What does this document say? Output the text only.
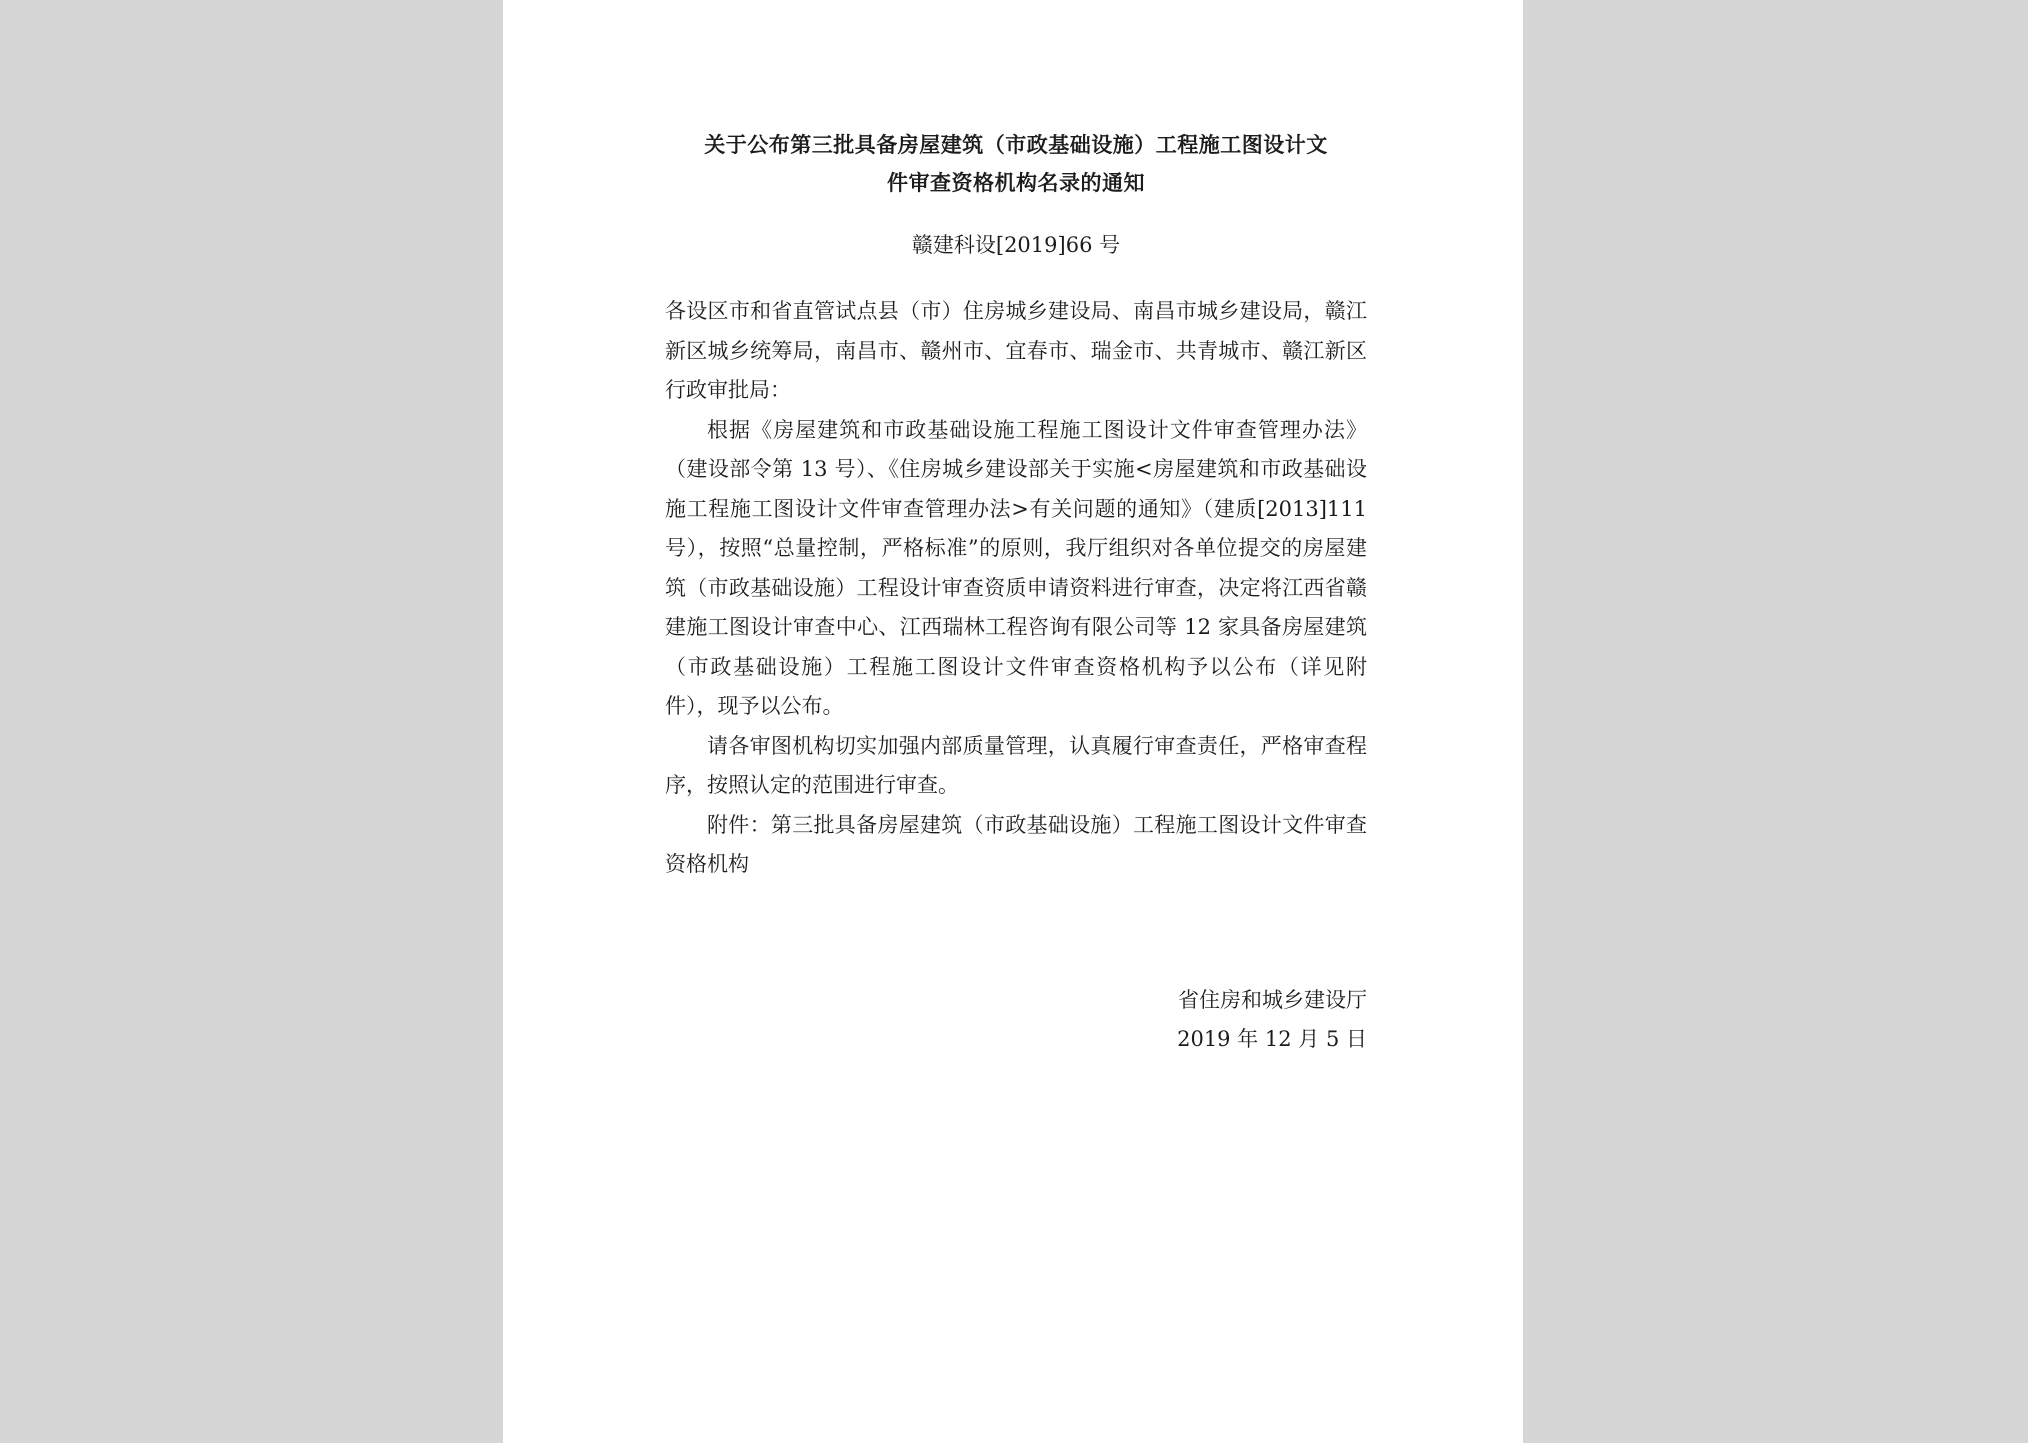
关于公布第三批具备房屋建筑（市政基础设施）工程施工图设计文
件审查资格机构名录的通知

赣建科设[2019]66 号

各设区市和省直管试点县（市）住房城乡建设局、南昌市城乡建设局，赣江新区城乡统筹局，南昌市、赣州市、宜春市、瑞金市、共青城市、赣江新区行政审批局：

根据《房屋建筑和市政基础设施工程施工图设计文件审查管理办法》（建设部令第 13 号）、《住房城乡建设部关于实施<房屋建筑和市政基础设施工程施工图设计文件审查管理办法>有关问题的通知》（建质[2013]111 号），按照“总量控制，严格标准”的原则，我厅组织对各单位提交的房屋建筑（市政基础设施）工程设计审查资质申请资料进行审查，决定将江西省赣建施工图设计审查中心、江西瑞林工程咨询有限公司等 12 家具备房屋建筑（市政基础设施）工程施工图设计文件审查资格机构予以公布（详见附件），现予以公布。

请各审图机构切实加强内部质量管理，认真履行审查责任，严格审查程序，按照认定的范围进行审查。

附件：第三批具备房屋建筑（市政基础设施）工程施工图设计文件审查资格机构

省住房和城乡建设厅
2019 年 12 月 5 日
